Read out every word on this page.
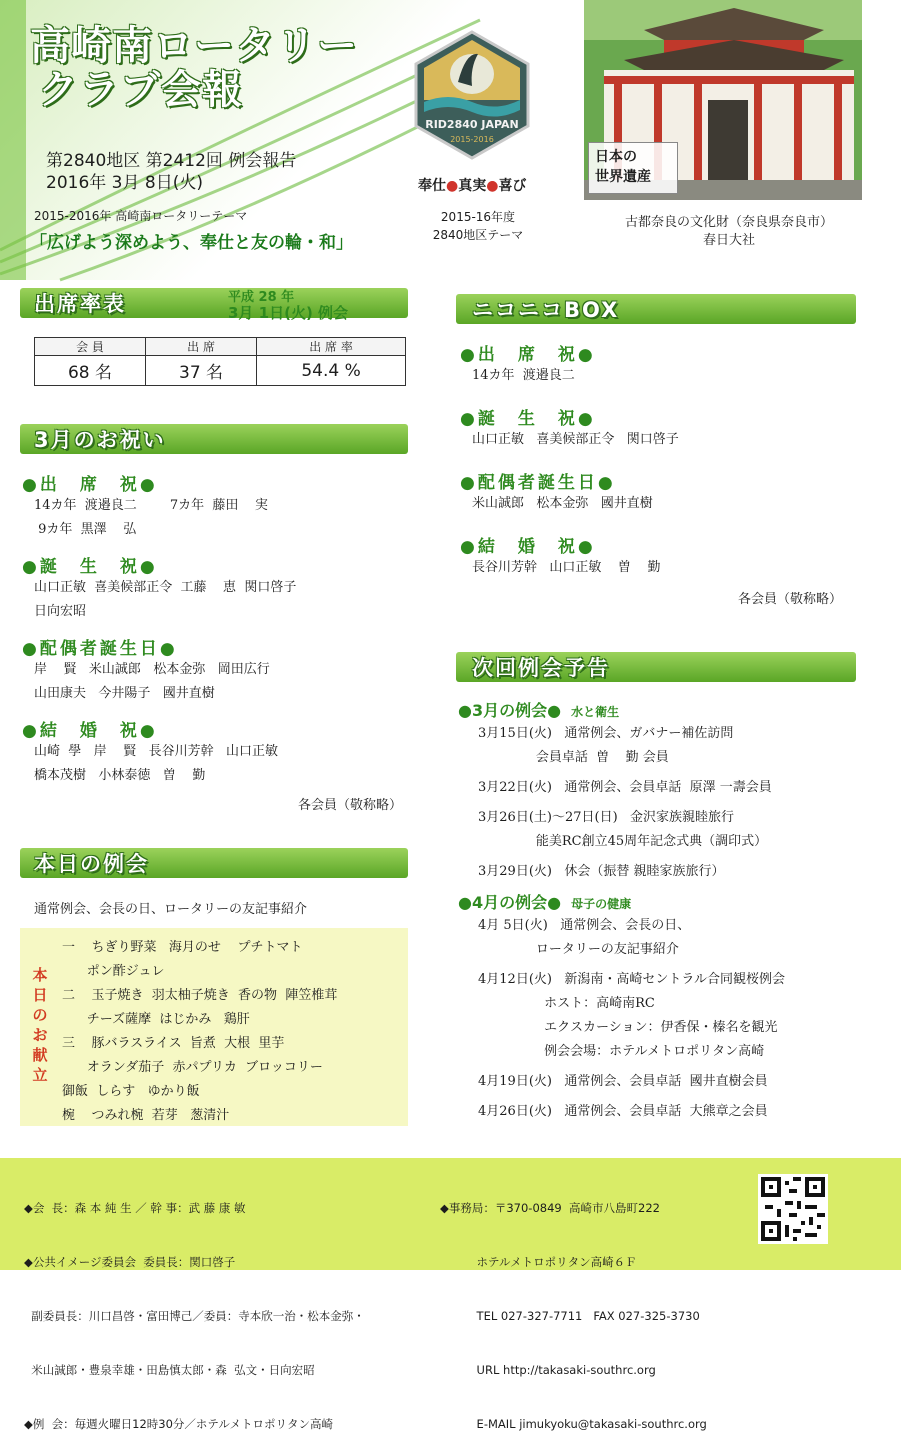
高崎南ロータリー
クラブ会報
第2840地区 第2412回 例会報告
2016年 3月 8日(火)
2015-2016年 高崎南ロータリーテーマ
「広げよう深めよう、奉仕と友の輪・和」
RID2840 JAPAN
2015-2016
奉仕●真実●喜び
2015-16年度
2840地区テーマ
日本の
世界遺産
古都奈良の文化財（奈良県奈良市）
春日大社
出席率表	平成 28 年
3月 1日(火) 例会
会 員	出 席	出 席 率
68 名	37 名	54.4 %
3月のお祝い
●出　席　祝●
14カ年  渡邉良二        7カ年  藤田    実
9カ年  黒澤    弘
●誕　生　祝●
山口正敏  喜美候部正令  工藤    恵  関口啓子
日向宏昭
●配偶者誕生日●
岸    賢   米山誠郎   松本金弥   岡田広行
山田康夫   今井陽子   國井直樹
●結　婚　祝●
山崎  學   岸    賢   長谷川芳幹   山口正敏
橋本茂樹   小林泰徳   曽    勤
各会員（敬称略）
本日の例会
通常例会、会長の日、ロータリーの友記事紹介
本
日
の
お
献
立
一    ちぎり野菜   海月のせ    プチトマト
ポン酢ジュレ
二    玉子焼き  羽太柚子焼き  香の物  陣笠椎茸
チーズ薩摩  はじかみ   鶏肝
三    豚バラスライス  旨煮  大根  里芋
オランダ茄子  赤パプリカ  ブロッコリー
御飯  しらす   ゆかり飯
椀    つみれ椀  若芽   葱清汁
ニコニコBOX
●出　席　祝●
14カ年  渡邉良二
●誕　生　祝●
山口正敏   喜美候部正令   関口啓子
●配偶者誕生日●
米山誠郎   松本金弥   國井直樹
●結　婚　祝●
長谷川芳幹   山口正敏    曽    勤
各会員（敬称略）
次回例会予告
●3月の例会● 水と衛生
3月15日(火)   通常例会、ガバナー補佐訪問
会員卓話  曽    勤 会員
3月22日(火)   通常例会、会員卓話  原澤 一壽会員
3月26日(土)～27日(日)   金沢家族親睦旅行
能美RC創立45周年記念式典（調印式）
3月29日(火)   休会（振替 親睦家族旅行）
●4月の例会● 母子の健康
4月 5日(火)   通常例会、会長の日、
ロータリーの友記事紹介
4月12日(火)   新潟南・高崎セントラル合同観桜例会
ホスト：高崎南RC
エクスカーション：伊香保・榛名を観光
例会会場：ホテルメトロポリタン高崎
4月19日(火)   通常例会、会員卓話  國井直樹会員
4月26日(火)   通常例会、会員卓話  大熊章之会員

◆会  長：森 本 純 生 ／ 幹 事：武 藤 康 敏

◆公共イメージ委員会  委員長：関口啓子

副委員長：川口昌啓・富田博己／委員：寺本欣一治・松本金弥・

米山誠郎・豊泉幸雄・田島慎太郎・森  弘文・日向宏昭

◆例  会：毎週火曜日12時30分／ホテルメトロポリタン高崎

◆事務局：〒370-0849  高崎市八島町222

ホテルメトロポリタン高崎６Ｆ

TEL 027-327-7711   FAX 027-325-3730

URL http://takasaki-southrc.org

E-MAIL jimukyoku@takasaki-southrc.org
